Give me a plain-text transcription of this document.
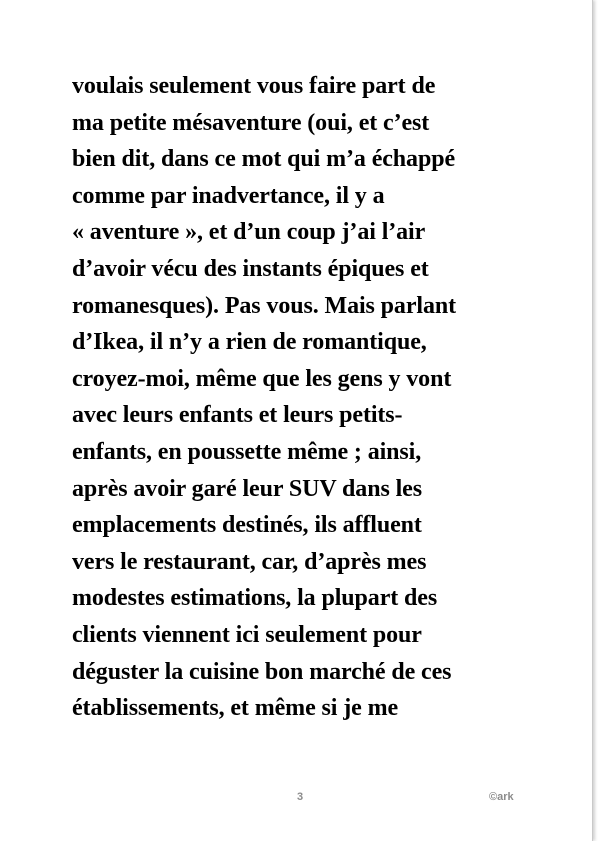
voulais seulement vous faire part de
ma petite mésaventure (oui, et c’est
bien dit, dans ce mot qui m’a échappé
comme par inadvertance, il y a
« aventure », et d’un coup j’ai l’air
d’avoir vécu des instants épiques et
romanesques). Pas vous. Mais parlant
d’Ikea, il n’y a rien de romantique,
croyez-moi, même que les gens y vont
avec leurs enfants et leurs petits-
enfants, en poussette même ; ainsi,
après avoir garé leur SUV dans les
emplacements destinés, ils affluent
vers le restaurant, car, d’après mes
modestes estimations, la plupart des
clients viennent ici seulement pour
déguster la cuisine bon marché de ces
établissements, et même si je me
3	©ark
